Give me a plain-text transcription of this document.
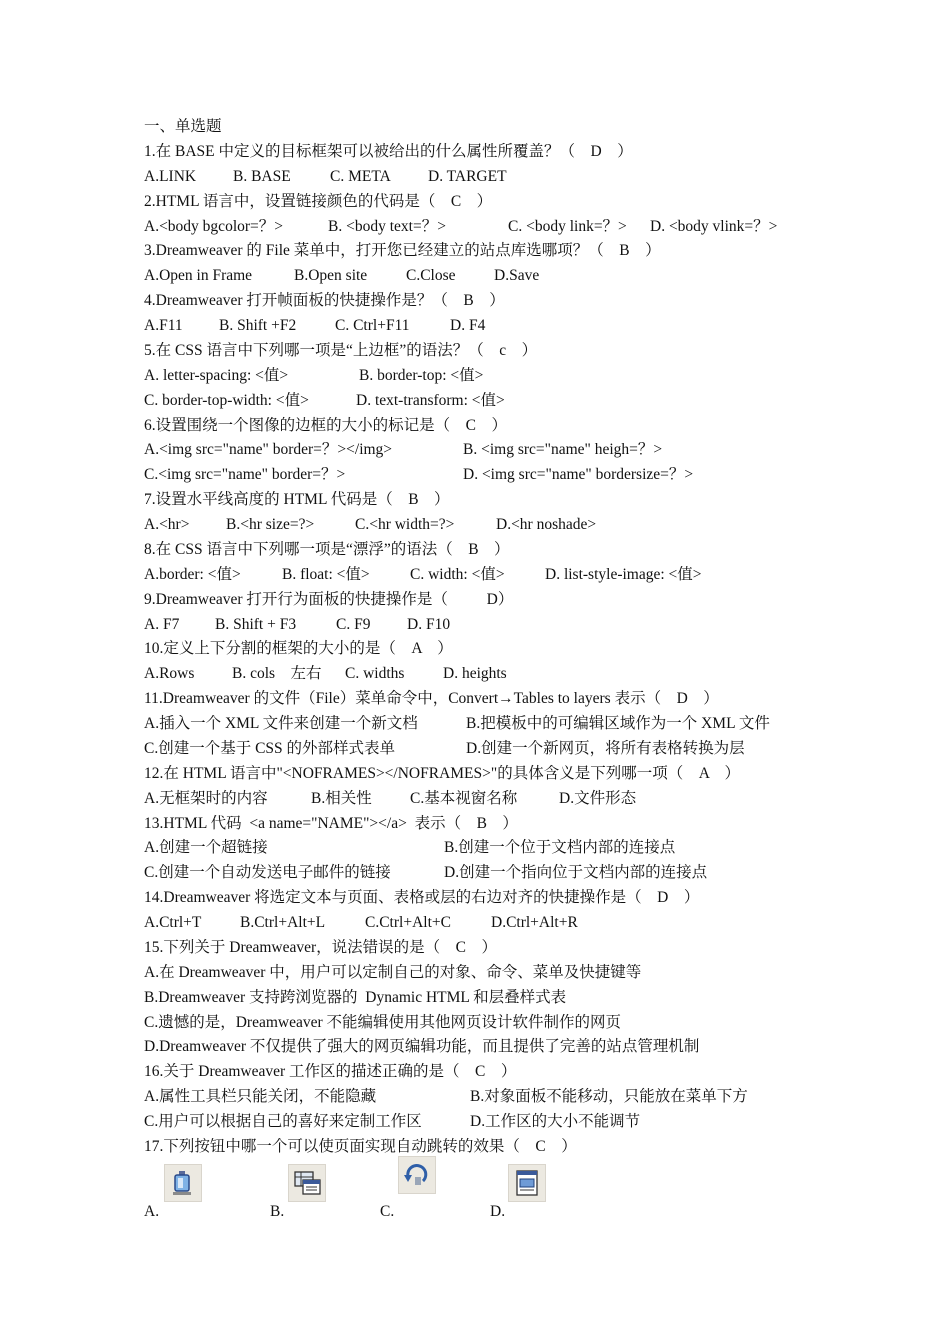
一、单选题
1.在 BASE 中定义的目标框架可以被给出的什么属性所覆盖？（    D    ）

A.LINK

B. BASE

	C. META

D. TARGET

2.HTML 语言中，设置链接颜色的代码是（    C    ）

A.<body bgcolor=？>

	B. <body text=？>

	C. <body link=？>

D. <body vlink=？>

3.Dreamweaver 的 File 菜单中，打开您已经建立的站点库选哪项？（    B    ）

A.Open in Frame

	B.Open site

	C.Close

D.Save

4.Dreamweaver 打开帧面板的快捷操作是？（    B    ）

A.F11

B. Shift +F2

	C. Ctrl+F11

	D. F4

5.在 CSS 语言中下列哪一项是“上边框”的语法？（    c    ）

A. letter-spacing: <值>

	B. border-top: <值>

C. border-top-width: <值>

	D. text-transform: <值>

6.设置围绕一个图像的边框的大小的标记是（    C    ）

A.<img src="name" border=？></img>

	B. <img src="name" heigh=？>

C.<img src="name" border=？>

	D. <img src="name" bordersize=？>

7.设置水平线高度的 HTML 代码是（    B    ）

A.<hr>

B.<hr size=?>

	C.<hr width=?>

	D.<hr noshade>

8.在 CSS 语言中下列哪一项是“漂浮”的语法（    B    ）

A.border: <值>

	B. float: <值>

	C. width: <值>

	D. list-style-image: <值>

9.Dreamweaver 打开行为面板的快捷操作是（          D）

A. F7

B. Shift + F3

	C. F9

D. F10

10.定义上下分割的框架的大小的是（    A    ）

A.Rows

B. cols    左右

C. widths

D. heights

11.Dreamweaver 的文件（File）菜单命令中，Convert→Tables to layers 表示（    D    ）

A.插入一个 XML 文件来创建一个新文档

	B.把模板中的可编辑区域作为一个 XML 文件

C.创建一个基于 CSS 的外部样式表单

	D.创建一个新网页，将所有表格转换为层

12.在 HTML 语言中"<NOFRAMES></NOFRAMES>"的具体含义是下列哪一项（    A    ）

A.无框架时的内容

	B.相关性

C.基本视窗名称

	D.文件形态

13.HTML 代码  <a name="NAME"></a>  表示（    B    ）

A.创建一个超链接

	B.创建一个位于文档内部的连接点

C.创建一个自动发送电子邮件的链接

	D.创建一个指向位于文档内部的连接点

14.Dreamweaver 将选定文本与页面、表格或层的右边对齐的快捷操作是（    D    ）

A.Ctrl+T

B.Ctrl+Alt+L

	C.Ctrl+Alt+C

	D.Ctrl+Alt+R

15.下列关于 Dreamweaver，说法错误的是（    C    ）
A.在 Dreamweaver 中，用户可以定制自己的对象、命令、菜单及快捷键等
B.Dreamweaver 支持跨浏览器的  Dynamic HTML 和层叠样式表
C.遗憾的是，Dreamweaver 不能编辑使用其他网页设计软件制作的网页
D.Dreamweaver 不仅提供了强大的网页编辑功能，而且提供了完善的站点管理机制
16.关于 Dreamweaver 工作区的描述正确的是（    C    ）

A.属性工具栏只能关闭，不能隐藏

	B.对象面板不能移动，只能放在菜单下方

C.用户可以根据自己的喜好来定制工作区

	D.工作区的大小不能调节

17.下列按钮中哪一个可以使页面实现自动跳转的效果（    C    ）
A.	B.	C.	D.
